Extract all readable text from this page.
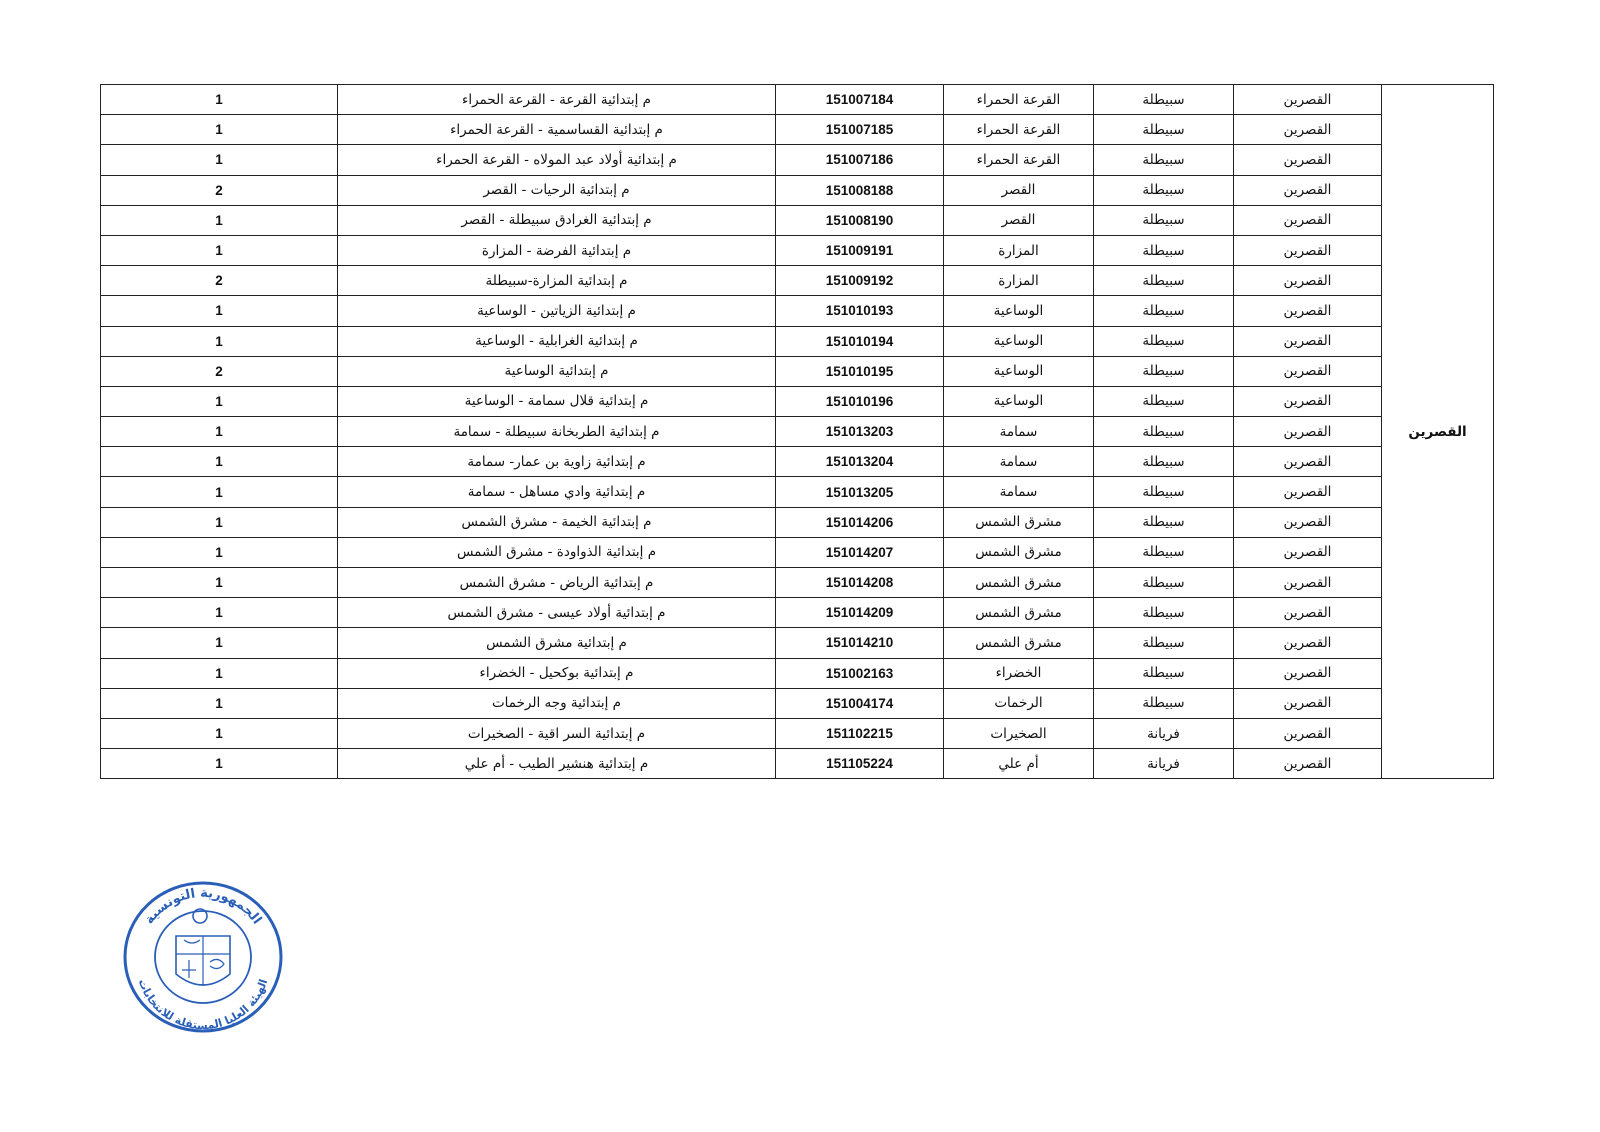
القصرين	القصرين	سبيطلة	القرعة الحمراء	151007184	م إبتدائية القرعة - القرعة الحمراء	1
	القصرين	سبيطلة	القرعة الحمراء	151007185	م إبتدائية القساسمية - القرعة الحمراء	1
	القصرين	سبيطلة	القرعة الحمراء	151007186	م إبتدائية أولاد عبد المولاه - القرعة الحمراء	1
	القصرين	سبيطلة	القصر	151008188	م إبتدائية الرحيات - القصر	2
	القصرين	سبيطلة	القصر	151008190	م إبتدائية الغرادق سبيطلة - القصر	1
	القصرين	سبيطلة	المزارة	151009191	م إبتدائية الفرضة - المزارة	1
	القصرين	سبيطلة	المزارة	151009192	م إبتدائية المزارة-سبيطلة	2
	القصرين	سبيطلة	الوساعية	151010193	م إبتدائية الزياتين - الوساعية	1
	القصرين	سبيطلة	الوساعية	151010194	م إبتدائية الغرابلية - الوساعية	1
	القصرين	سبيطلة	الوساعية	151010195	م إبتدائية الوساعية	2
	القصرين	سبيطلة	الوساعية	151010196	م إبتدائية قلال سمامة - الوساعية	1
	القصرين	سبيطلة	سمامة	151013203	م إبتدائية الطربخانة سبيطلة - سمامة	1
	القصرين	سبيطلة	سمامة	151013204	م إبتدائية زاوية بن عمار- سمامة	1
	القصرين	سبيطلة	سمامة	151013205	م إبتدائية وادي مساهل - سمامة	1
	القصرين	سبيطلة	مشرق الشمس	151014206	م إبتدائية الخيمة - مشرق الشمس	1
	القصرين	سبيطلة	مشرق الشمس	151014207	م إبتدائية الذواودة - مشرق الشمس	1
	القصرين	سبيطلة	مشرق الشمس	151014208	م إبتدائية الرياض - مشرق الشمس	1
	القصرين	سبيطلة	مشرق الشمس	151014209	م إبتدائية أولاد عيسى - مشرق الشمس	1
	القصرين	سبيطلة	مشرق الشمس	151014210	م إبتدائية مشرق الشمس	1
	القصرين	سبيطلة	الخضراء	151002163	م إبتدائية بوكحيل - الخضراء	1
	القصرين	سبيطلة	الرخمات	151004174	م إبتدائية وجه الرخمات	1
	القصرين	فريانة	الصخيرات	151102215	م إبتدائية السر اقية - الصخيرات	1
	القصرين	فريانة	أم علي	151105224	م إبتدائية هنشير الطيب - أم علي	1
الجمهورية التونسية
الهيئة العليا المستقلة للانتخابات
